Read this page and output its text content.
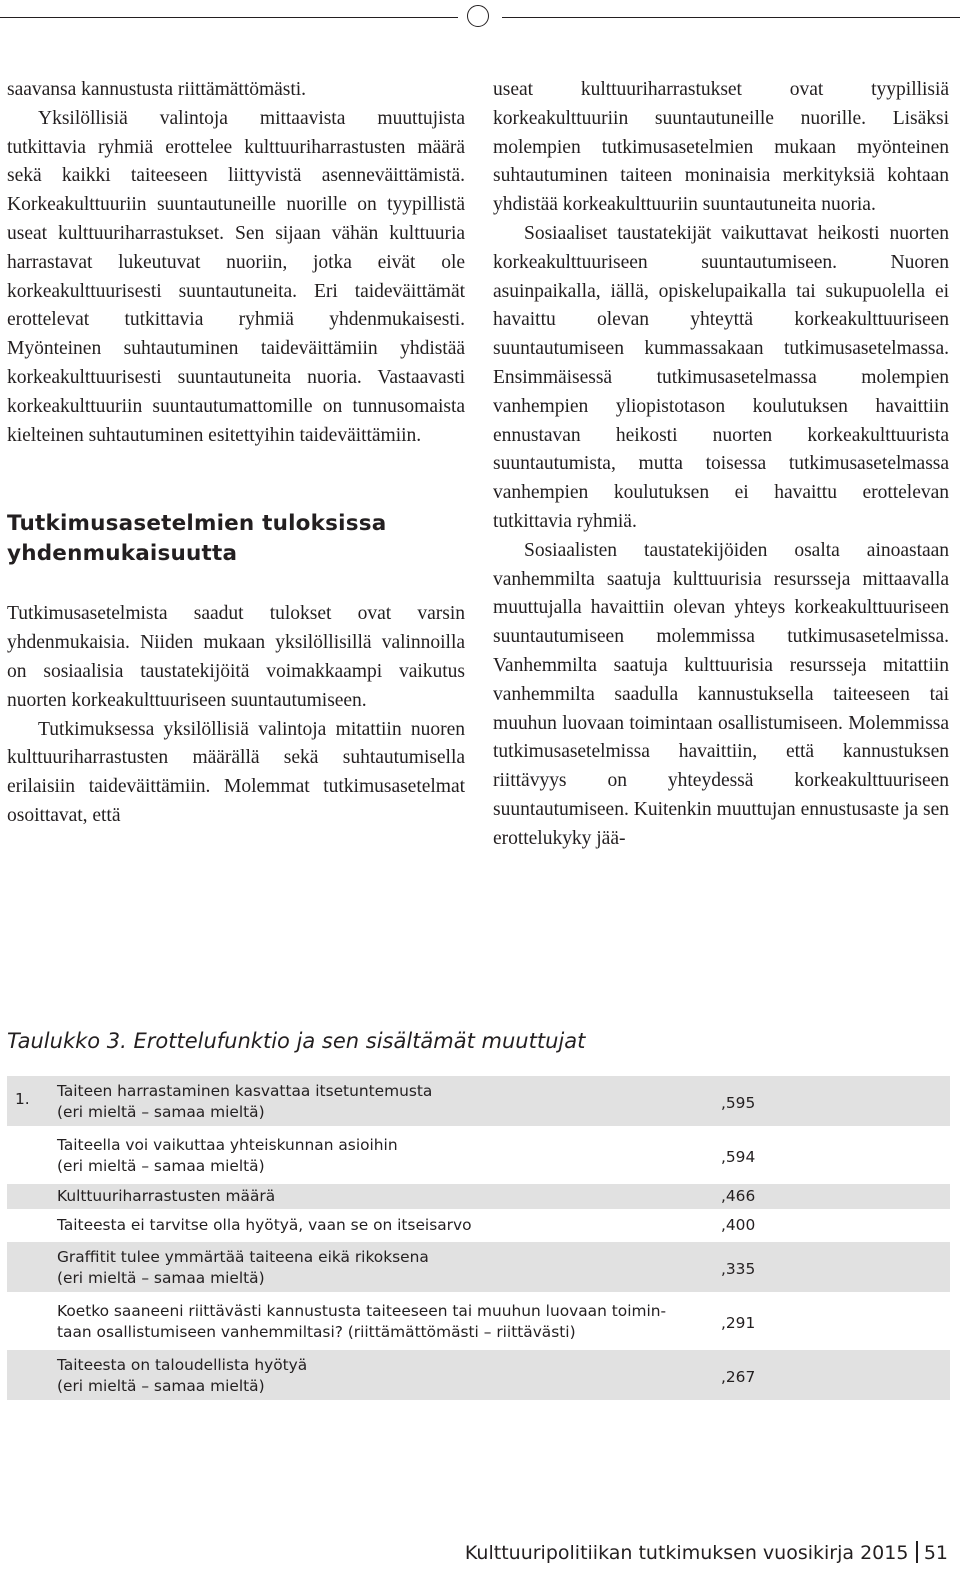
saavansa kannustusta riittämättömästi.

Yksilöllisiä valintoja mittaavista muuttujista tutkittavia ryhmiä erottelee kulttuuriharrastusten määrä sekä kaikki taiteeseen liittyvistä asenneväittämistä. Korkeakulttuuriin suuntautuneille nuorille on tyypillistä useat kulttuuriharrastukset. Sen sijaan vähän kulttuuria harrastavat lukeutuvat nuoriin, jotka eivät ole korkeakulttuurisesti suuntautuneita. Eri taideväittämät erottelevat tutkittavia ryhmiä yhdenmukaisesti. Myönteinen suhtautuminen taideväittämiin yhdistää korkeakulttuurisesti suuntautuneita nuoria. Vastaavasti korkeakulttuuriin suuntautumattomille on tunnusomaista kielteinen suhtautuminen esitettyihin taideväittämiin.

Tutkimusasetelmien tuloksissa yhdenmukaisuutta

Tutkimusasetelmista saadut tulokset ovat varsin yhdenmukaisia. Niiden mukaan yksilöllisillä valinnoilla on sosiaalisia taustatekijöitä voimakkaampi vaikutus nuorten korkeakulttuuriseen suuntautumiseen.

Tutkimuksessa yksilöllisiä valintoja mitattiin nuoren kulttuuriharrastusten määrällä sekä suhtautumisella erilaisiin taideväittämiin. Molemmat tutkimusasetelmat osoittavat, että

useat kulttuuriharrastukset ovat tyypillisiä korkeakulttuuriin suuntautuneille nuorille. Lisäksi molempien tutkimusasetelmien mukaan myönteinen suhtautuminen taiteen moninaisia merkityksiä kohtaan yhdistää korkeakulttuuriin suuntautuneita nuoria.

Sosiaaliset taustatekijät vaikuttavat heikosti nuorten korkeakulttuuriseen suuntautumiseen. Nuoren asuinpaikalla, iällä, opiskelupaikalla tai sukupuolella ei havaittu olevan yhteyttä korkeakulttuuriseen suuntautumiseen kummassakaan tutkimusasetelmassa. Ensimmäisessä tutkimusasetelmassa molempien vanhempien yliopistotason koulutuksen havaittiin ennustavan heikosti nuorten korkeakulttuurista suuntautumista, mutta toisessa tutkimusasetelmassa vanhempien koulutuksen ei havaittu erottelevan tutkittavia ryhmiä.

Sosiaalisten taustatekijöiden osalta ainoastaan vanhemmilta saatuja kulttuurisia resursseja mittaavalla muuttujalla havaittiin olevan yhteys korkeakulttuuriseen suuntautumiseen molemmissa tutkimusasetelmissa. Vanhemmilta saatuja kulttuurisia resursseja mitattiin vanhemmilta saadulla kannustuksella taiteeseen tai muuhun luovaan toimintaan osallistumiseen. Molemmissa tutkimusasetelmissa havaittiin, että kannustuksen riittävyys on yhteydessä korkeakulttuuriseen suuntautumiseen. Kuitenkin muuttujan ennustusaste ja sen erottelukyky jää-

Taulukko 3. Erottelufunktio ja sen sisältämät muuttujat
1. Taiteen harrastaminen kasvattaa itsetuntemusta
(eri mieltä – samaa mieltä)	,595
Taiteella voi vaikuttaa yhteiskunnan asioihin
(eri mieltä – samaa mieltä)	,594
Kulttuuriharrastusten määrä	,466
Taiteesta ei tarvitse olla hyötyä, vaan se on itseisarvo	,400
Graffitit tulee ymmärtää taiteena eikä rikoksena
(eri mieltä – samaa mieltä)	,335
Koetko saaneeni riittävästi kannustusta taiteeseen tai muuhun luovaan toimin-
taan osallistumiseen vanhemmiltasi? (riittämättömästi – riittävästi)	,291
Taiteesta on taloudellista hyötyä
(eri mieltä – samaa mieltä)	,267
Kulttuuripolitiikan tutkimuksen vuosikirja 2015 51
